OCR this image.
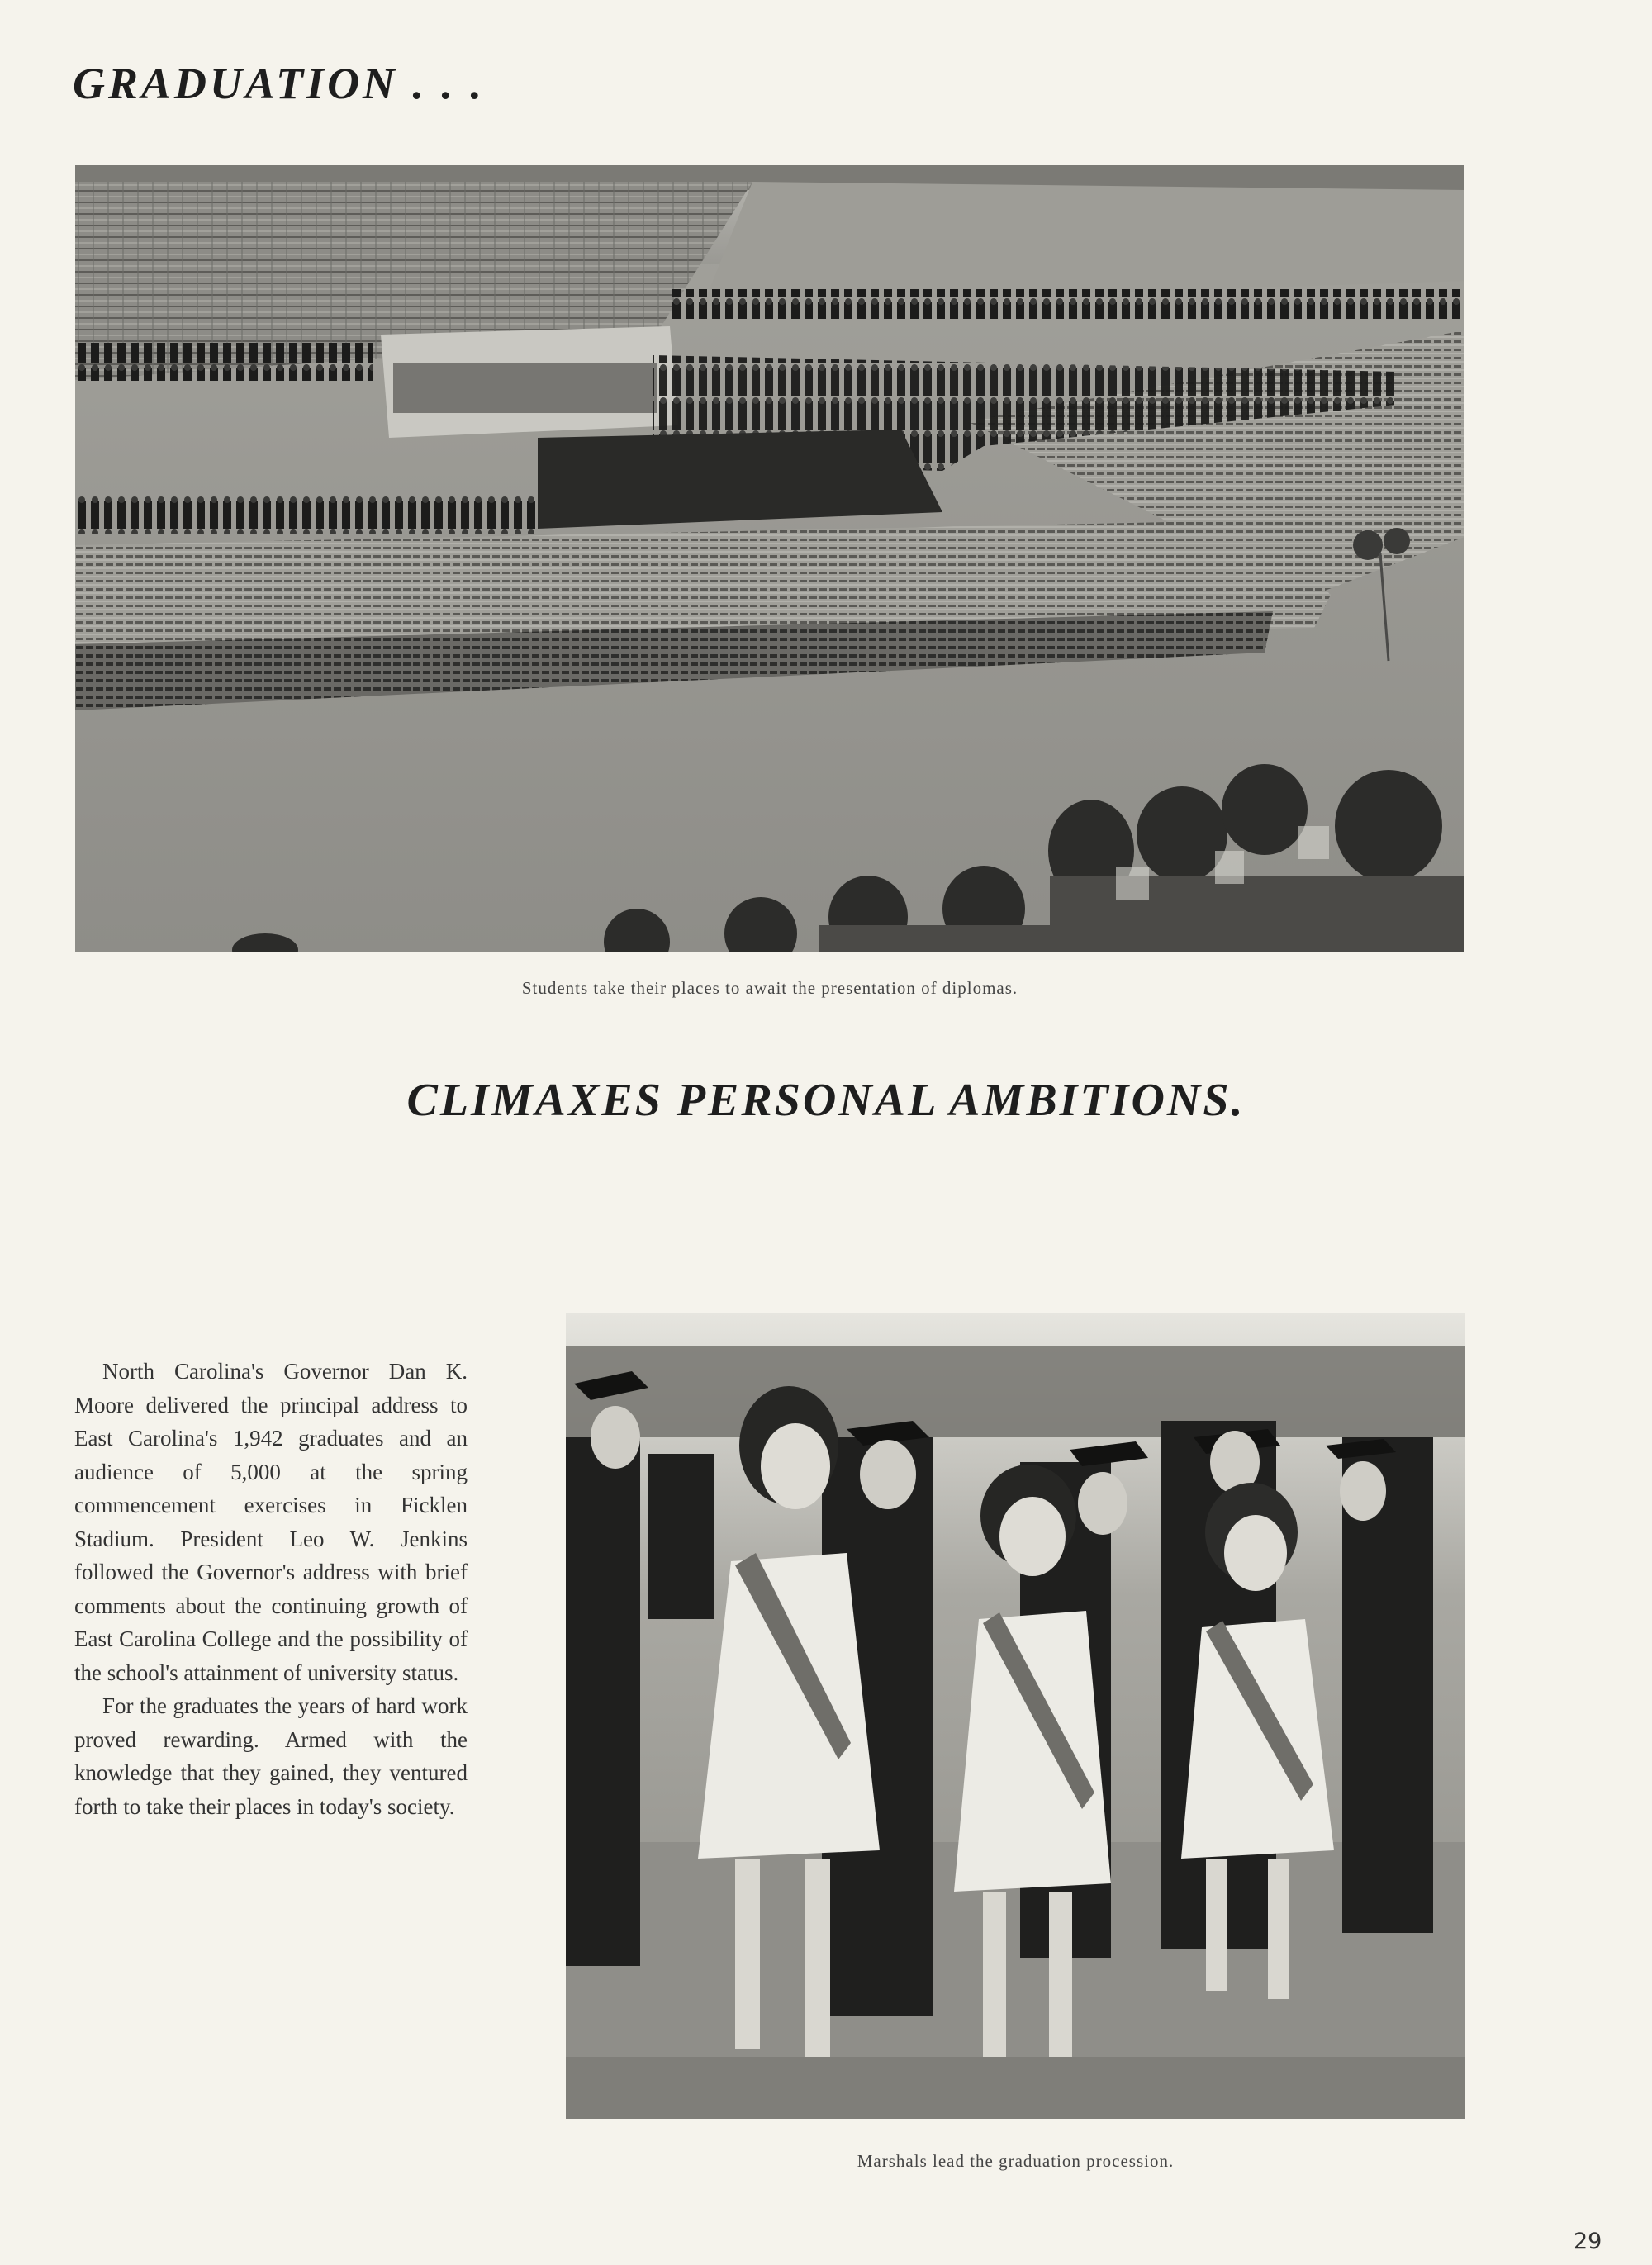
GRADUATION . . .
Students take their places to await the presentation of diplomas.
CLIMAXES PERSONAL AMBITIONS.

North Carolina's Governor Dan K. Moore delivered the principal address to East Carolina's 1,942 graduates and an audience of 5,000 at the spring commencement exercises in Ficklen Stadium. President Leo W. Jenkins followed the Governor's address with brief comments about the continuing growth of East Carolina College and the possibility of the school's attainment of university status.

For the graduates the years of hard work proved rewarding. Armed with the knowledge that they gained, they ventured forth to take their places in today's society.

Marshals lead the graduation procession.
29
